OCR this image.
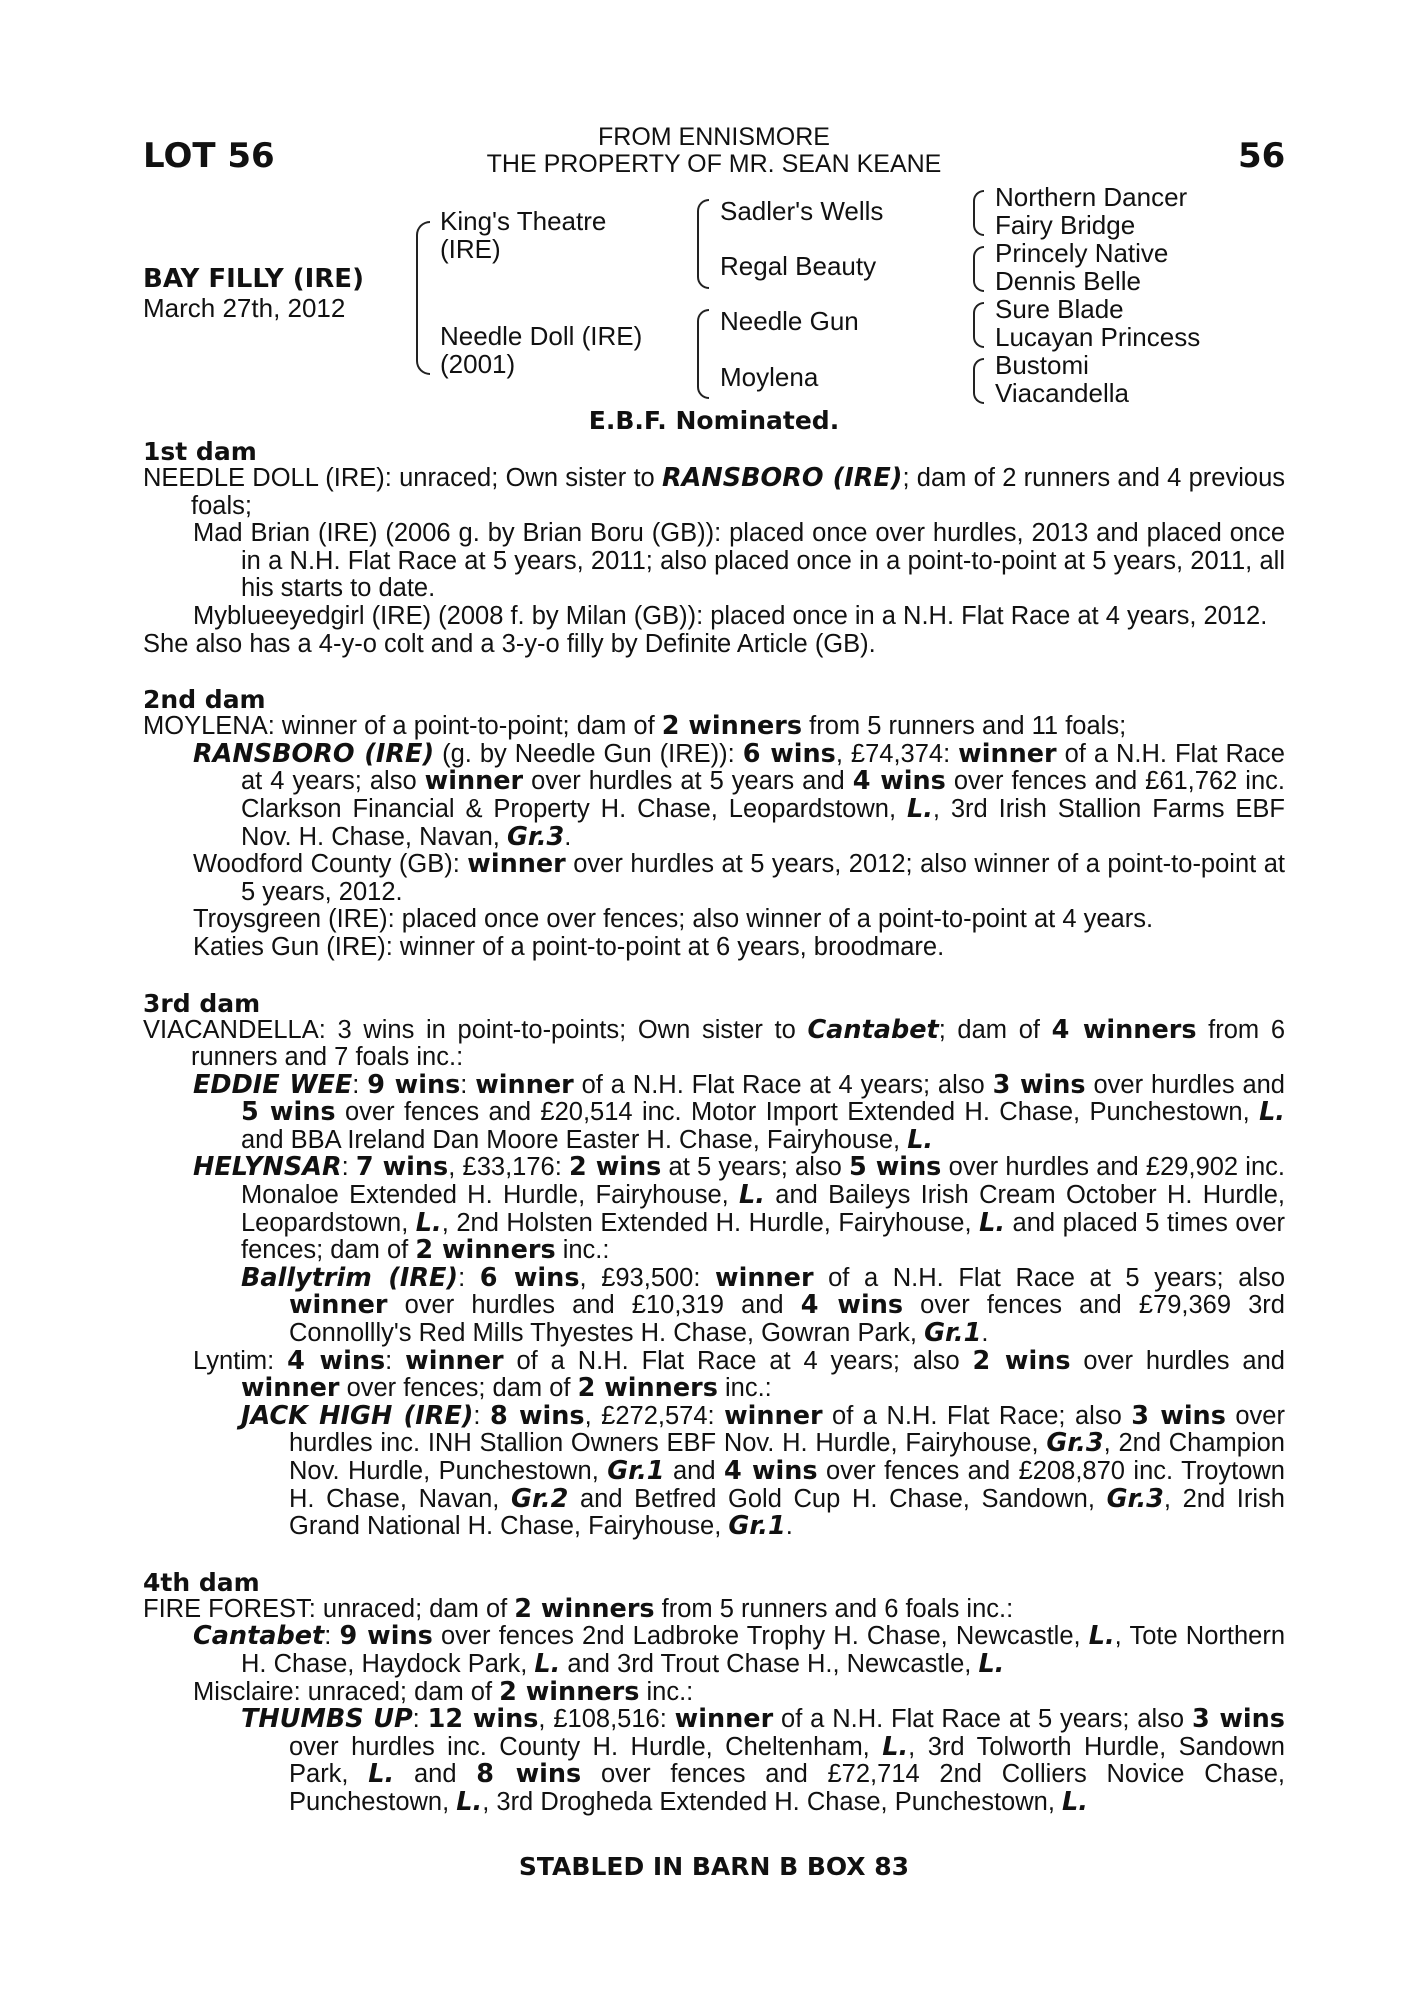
LOT 56	56
FROM ENNISMORE
THE PROPERTY OF MR. SEAN KEANE
BAY FILLY (IRE)
March 27th, 2012
King's Theatre
(IRE)
Needle Doll (IRE)
(2001)
Sadler's Wells
Regal Beauty
Needle Gun
Moylena
Northern Dancer
Fairy Bridge
Princely Native
Dennis Belle
Sure Blade
Lucayan Princess
Bustomi
Viacandella
E.B.F. Nominated.

1st dam

NEEDLE DOLL (IRE): unraced; Own sister to RANSBORO (IRE); dam of 2 runners and 4 previous foals;

Mad Brian (IRE) (2006 g. by Brian Boru (GB)): placed once over hurdles, 2013 and placed once in a N.H. Flat Race at 5 years, 2011; also placed once in a point-to-point at 5 years, 2011, all his starts to date.

Myblueeyedgirl (IRE) (2008 f. by Milan (GB)): placed once in a N.H. Flat Race at 4 years, 2012.

She also has a 4-y-o colt and a 3-y-o filly by Definite Article (GB).

2nd dam

MOYLENA: winner of a point-to-point; dam of 2 winners from 5 runners and 11 foals;

RANSBORO (IRE) (g. by Needle Gun (IRE)): 6 wins, £74,374: winner of a N.H. Flat Race at 4 years; also winner over hurdles at 5 years and 4 wins over fences and £61,762 inc. Clarkson Financial & Property H. Chase, Leopardstown, L., 3rd Irish Stallion Farms EBF Nov. H. Chase, Navan, Gr.3.

Woodford County (GB): winner over hurdles at 5 years, 2012; also winner of a point-to-point at 5 years, 2012.

Troysgreen (IRE): placed once over fences; also winner of a point-to-point at 4 years.

Katies Gun (IRE): winner of a point-to-point at 6 years, broodmare.

3rd dam

VIACANDELLA: 3 wins in point-to-points; Own sister to Cantabet; dam of 4 winners from 6 runners and 7 foals inc.:

EDDIE WEE: 9 wins: winner of a N.H. Flat Race at 4 years; also 3 wins over hurdles and 5 wins over fences and £20,514 inc. Motor Import Extended H. Chase, Punchestown, L. and BBA Ireland Dan Moore Easter H. Chase, Fairyhouse, L.

HELYNSAR: 7 wins, £33,176: 2 wins at 5 years; also 5 wins over hurdles and £29,902 inc. Monaloe Extended H. Hurdle, Fairyhouse, L. and Baileys Irish Cream October H. Hurdle, Leopardstown, L., 2nd Holsten Extended H. Hurdle, Fairyhouse, L. and placed 5 times over fences; dam of 2 winners inc.:

Ballytrim (IRE): 6 wins, £93,500: winner of a N.H. Flat Race at 5 years; also winner over hurdles and £10,319 and 4 wins over fences and £79,369 3rd Connollly's Red Mills Thyestes H. Chase, Gowran Park, Gr.1.

Lyntim: 4 wins: winner of a N.H. Flat Race at 4 years; also 2 wins over hurdles and winner over fences; dam of 2 winners inc.:

JACK HIGH (IRE): 8 wins, £272,574: winner of a N.H. Flat Race; also 3 wins over hurdles inc. INH Stallion Owners EBF Nov. H. Hurdle, Fairyhouse, Gr.3, 2nd Champion Nov. Hurdle, Punchestown, Gr.1 and 4 wins over fences and £208,870 inc. Troytown H. Chase, Navan, Gr.2 and Betfred Gold Cup H. Chase, Sandown, Gr.3, 2nd Irish Grand National H. Chase, Fairyhouse, Gr.1.

4th dam

FIRE FOREST: unraced; dam of 2 winners from 5 runners and 6 foals inc.:

Cantabet: 9 wins over fences 2nd Ladbroke Trophy H. Chase, Newcastle, L., Tote Northern H. Chase, Haydock Park, L. and 3rd Trout Chase H., Newcastle, L.

Misclaire: unraced; dam of 2 winners inc.:

THUMBS UP: 12 wins, £108,516: winner of a N.H. Flat Race at 5 years; also 3 wins over hurdles inc. County H. Hurdle, Cheltenham, L., 3rd Tolworth Hurdle, Sandown Park, L. and 8 wins over fences and £72,714 2nd Colliers Novice Chase, Punchestown, L., 3rd Drogheda Extended H. Chase, Punchestown, L.

STABLED IN BARN B BOX 83
